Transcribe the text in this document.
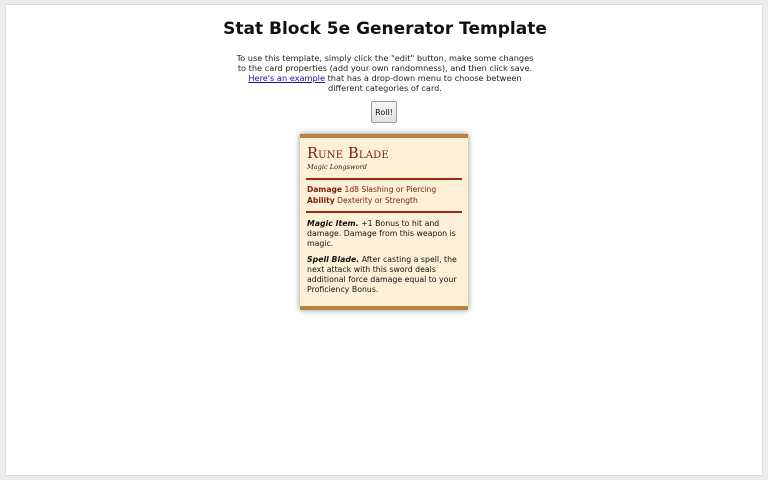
Stat Block 5e Generator Template

To use this template, simply click the "edit" button, make some changes to the card properties (add your own randomness), and then click save. Here's an example that has a drop-down menu to choose between different categories of card.

Roll!
Rune Blade
Magic Longsword
Damage 1d8 Slashing or Piercing
Ability Dexterity or Strength

Magic Item. +1 Bonus to hit and damage. Damage from this weapon is magic.

Spell Blade. After casting a spell, the next attack with this sword deals additional force damage equal to your Proficiency Bonus.
